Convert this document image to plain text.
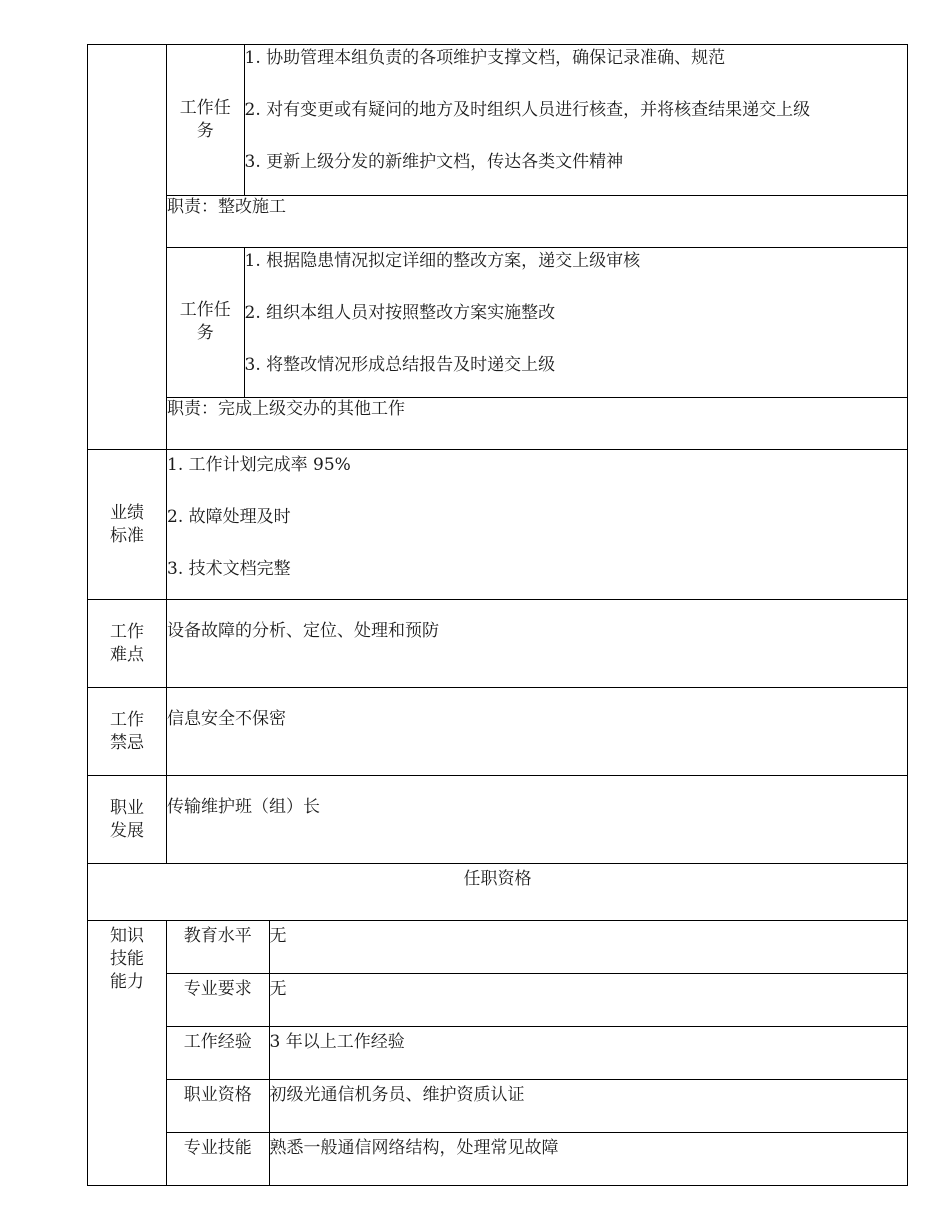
工作任务	
1. 协助管理本组负责的各项维护支撑文档，确保记录准确、规范
2. 对有变更或有疑问的地方及时组织人员进行核查，并将核查结果递交上级
3. 更新上级分发的新维护文档，传达各类文件精神

职责：整改施工
工作任务	
1. 根据隐患情况拟定详细的整改方案，递交上级审核
2. 组织本组人员对按照整改方案实施整改
3. 将整改情况形成总结报告及时递交上级

职责：完成上级交办的其他工作

业绩标准	
1. 工作计划完成率 95%
2. 故障处理及时
3. 技术文档完整

工作难点	设备故障的分析、定位、处理和预防
工作禁忌	信息安全不保密
职业发展	传输维护班（组）长
任职资格
知识技能能力	
教育水平	无
专业要求	无
工作经验	3 年以上工作经验
职业资格	初级光通信机务员、维护资质认证
专业技能	熟悉一般通信网络结构，处理常见故障
